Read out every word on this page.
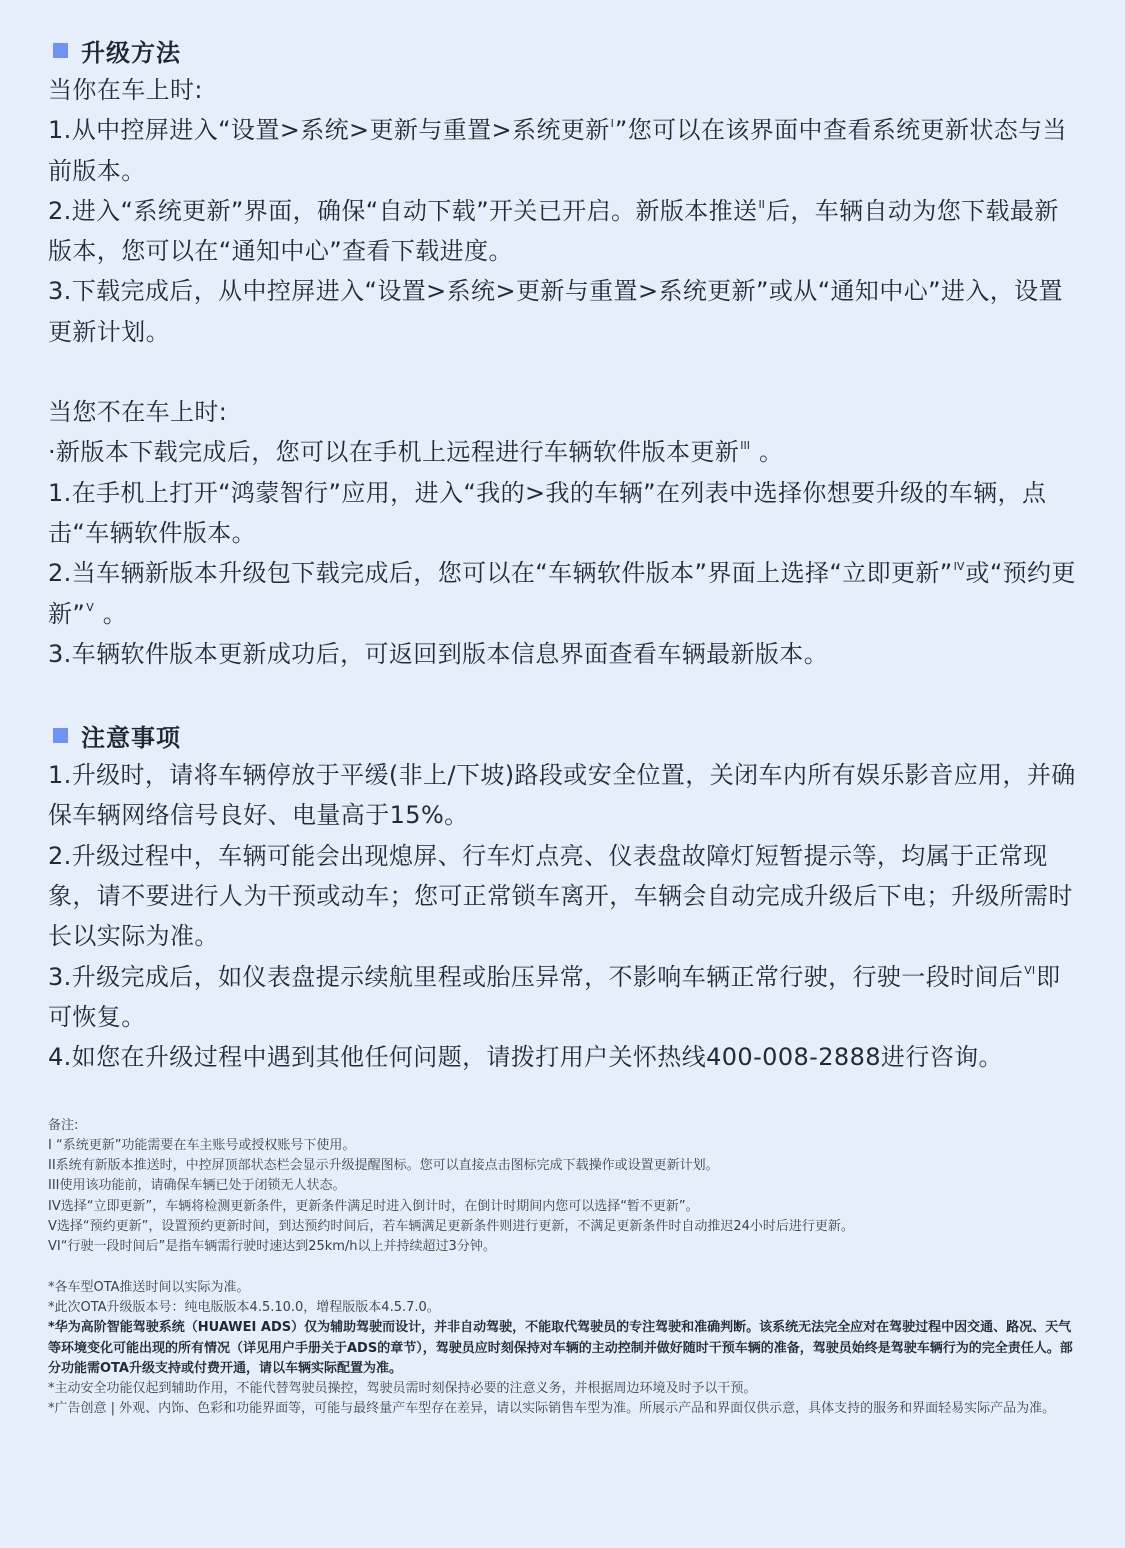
升级方法

当你在车上时:

1.从中控屏进入“设置>系统>更新与重置>系统更新$^I$”您可以在该界面中查看系统更新状态与当前版本。

2.进入“系统更新”界面，确保“自动下载”开关已开启。新版本推送$^{II}$后，车辆自动为您下载最新版本，您可以在“通知中心”查看下载进度。

3.下载完成后，从中控屏进入“设置>系统>更新与重置>系统更新”或从“通知中心”进入，设置更新计划。

当您不在车上时:

·新版本下载完成后，您可以在手机上远程进行车辆软件版本更新$^{III}$ 。

1.在手机上打开“鸿蒙智行”应用，进入“我的>我的车辆”在列表中选择你想要升级的车辆，点击“车辆软件版本。

2.当车辆新版本升级包下载完成后，您可以在“车辆软件版本”界面上选择“立即更新”$^{IV}$或“预约更新”$^V$ 。

3.车辆软件版本更新成功后，可返回到版本信息界面查看车辆最新版本。

注意事项

1.升级时，请将车辆停放于平缓(非上/下坡)路段或安全位置，关闭车内所有娱乐影音应用，并确保车辆网络信号良好、电量高于15%。

2.升级过程中，车辆可能会出现熄屏、行车灯点亮、仪表盘故障灯短暂提示等，均属于正常现象，请不要进行人为干预或动车；您可正常锁车离开，车辆会自动完成升级后下电；升级所需时长以实际为准。

3.升级完成后，如仪表盘提示续航里程或胎压异常，不影响车辆正常行驶，行驶一段时间后$^{VI}$即可恢复。

4.如您在升级过程中遇到其他任何问题，请拨打用户关怀热线400-008-2888进行咨询。

备注:

I “系统更新”功能需要在车主账号或授权账号下使用。

II系统有新版本推送时，中控屏顶部状态栏会显示升级提醒图标。您可以直接点击图标完成下载操作或设置更新计划。

III使用该功能前，请确保车辆已处于闭锁无人状态。

IV选择“立即更新”，车辆将检测更新条件，更新条件满足时进入倒计时，在倒计时期间内您可以选择“暂不更新”。

V选择“预约更新”，设置预约更新时间，到达预约时间后，若车辆满足更新条件则进行更新，不满足更新条件时自动推迟24小时后进行更新。

VI“行驶一段时间后”是指车辆需行驶时速达到25km/h以上并持续超过3分钟。

*各车型OTA推送时间以实际为准。

*此次OTA升级版本号：纯电版版本4.5.10.0，增程版版本4.5.7.0。

*华为高阶智能驾驶系统（HUAWEI ADS）仅为辅助驾驶而设计，并非自动驾驶，不能取代驾驶员的专注驾驶和准确判断。该系统无法完全应对在驾驶过程中因交通、路况、天气等环境变化可能出现的所有情况（详见用户手册关于ADS的章节），驾驶员应时刻保持对车辆的主动控制并做好随时干预车辆的准备，驾驶员始终是驾驶车辆行为的完全责任人。部分功能需OTA升级支持或付费开通，请以车辆实际配置为准。

*主动安全功能仅起到辅助作用，不能代替驾驶员操控，驾驶员需时刻保持必要的注意义务，并根据周边环境及时予以干预。

*广告创意 | 外观、内饰、色彩和功能界面等，可能与最终量产车型存在差异，请以实际销售车型为准。所展示产品和界面仅供示意，具体支持的服务和界面轻易实际产品为准。
